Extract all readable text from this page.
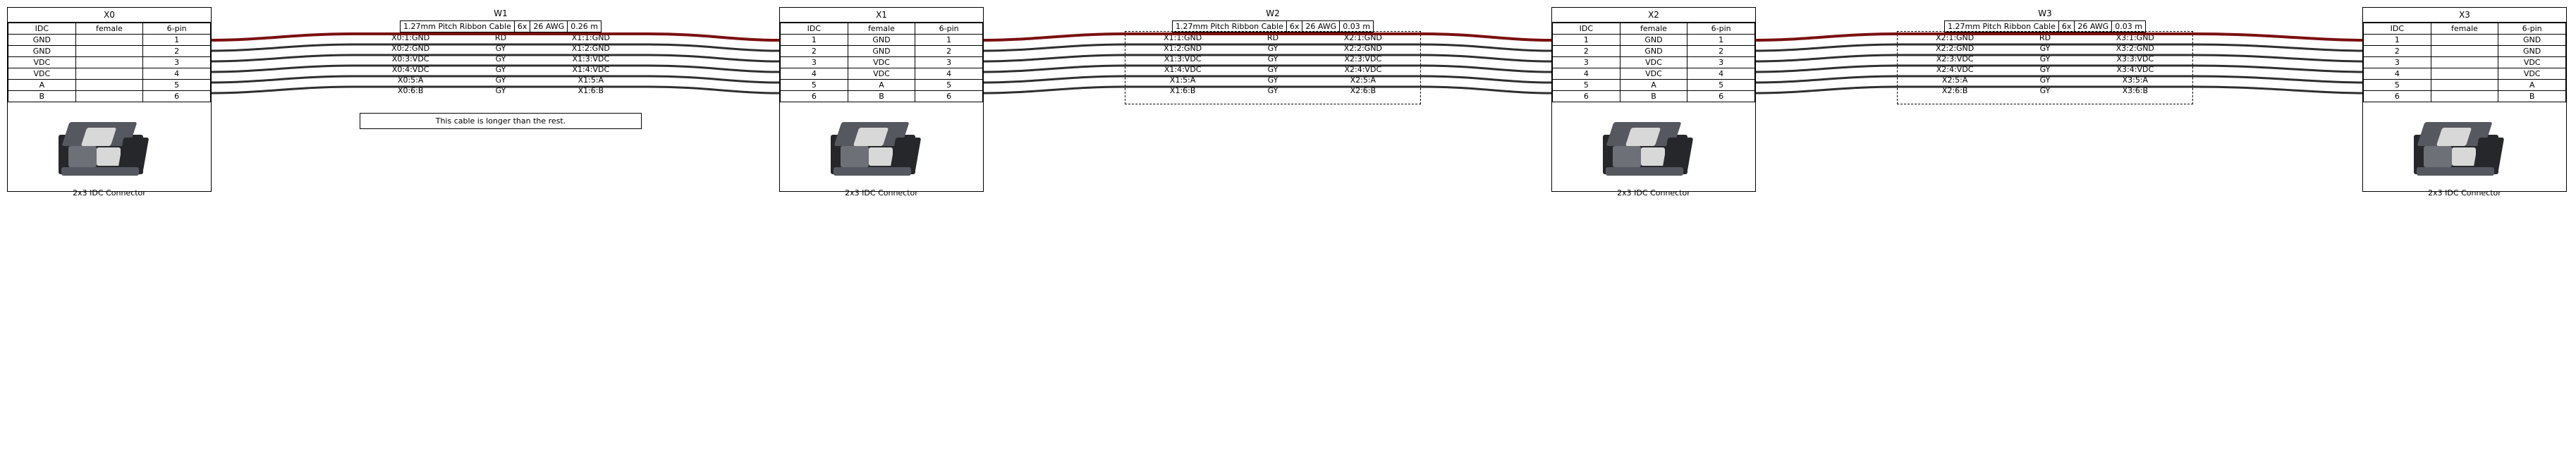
X0
IDC	female	6-pin
GND		1
GND		2
VDC		3
VDC		4
A		5
B		6
2x3 IDC Connector
W1
1.27mm Pitch Ribbon Cable	6x	26 AWG	0.26 m
X0:1:GND	RD	X1:1:GND
X0:2:GND	GY	X1:2:GND
X0:3:VDC	GY	X1:3:VDC
X0:4:VDC	GY	X1:4:VDC
X0:5:A	GY	X1:5:A
X0:6:B	GY	X1:6:B
This cable is longer than the rest.
X1
IDC	female	6-pin
1	GND	1
2	GND	2
3	VDC	3
4	VDC	4
5	A	5
6	B	6
2x3 IDC Connector
W2
1.27mm Pitch Ribbon Cable	6x	26 AWG	0.03 m
X1:1:GND	RD	X2:1:GND
X1:2:GND	GY	X2:2:GND
X1:3:VDC	GY	X2:3:VDC
X1:4:VDC	GY	X2:4:VDC
X1:5:A	GY	X2:5:A
X1:6:B	GY	X2:6:B
X2
IDC	female	6-pin
1	GND	1
2	GND	2
3	VDC	3
4	VDC	4
5	A	5
6	B	6
2x3 IDC Connector
W3
1.27mm Pitch Ribbon Cable	6x	26 AWG	0.03 m
X2:1:GND	RD	X3:1:GND
X2:2:GND	GY	X3:2:GND
X2:3:VDC	GY	X3:3:VDC
X2:4:VDC	GY	X3:4:VDC
X2:5:A	GY	X3:5:A
X2:6:B	GY	X3:6:B
X3
IDC	female	6-pin
1		GND
2		GND
3		VDC
4		VDC
5		A
6		B
2x3 IDC Connector
